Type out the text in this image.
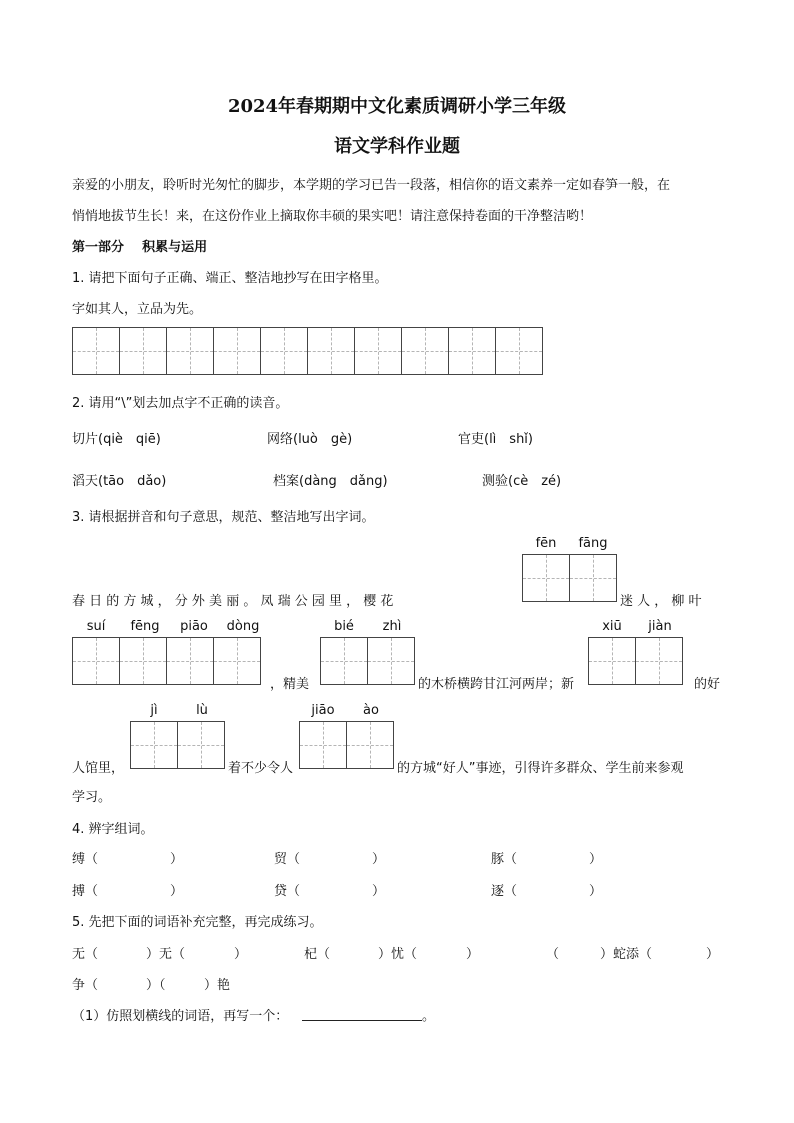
2024年春期期中文化素质调研小学三年级
语文学科作业题
亲爱的小朋友，聆听时光匆忙的脚步，本学期的学习已告一段落，相信你的语文素养一定如春笋一般，在
悄悄地拔节生长！来，在这份作业上摘取你丰硕的果实吧！请注意保持卷面的干净整洁哟！
第一部分    积累与运用
1. 请把下面句子正确、端正、整洁地抄写在田字格里。
字如其人，立品为先。
2. 请用“\”划去加点字不正确的读音。
切片(qiè　qiē)	网络(luò　gè)	官吏(lì　shǐ)
滔天(tāo　dǎo)	档案(dàng　dǎng)	测验(cè　zé)
3. 请根据拼音和句子意思，规范、整洁地写出字词。
fēn	fāng
春 日 的 方 城 ， 分 外 美 丽 。 凤 瑞 公 园 里 ， 樱 花	迷 人 ， 柳 叶
suí	fēng	piāo	dòng
，精美
bié	zhì
的木桥横跨甘江河两岸；新
xiū	jiàn
的好
jì	lù
人馆里，	着不少令人
jiāo	ào
的方城“好人”事迹，引得许多群众、学生前来参观
学习。
4. 辨字组词。
缚（	）	贸（	）	豚（	）
搏（	）	贷（	）	逐（	）
5. 先把下面的词语补充完整，再完成练习。
无（	）无（	）	杞（	）忧（	）	（	）蛇添（	）
争（	）（	）艳
（1）仿照划横线的词语，再写一个：	。
